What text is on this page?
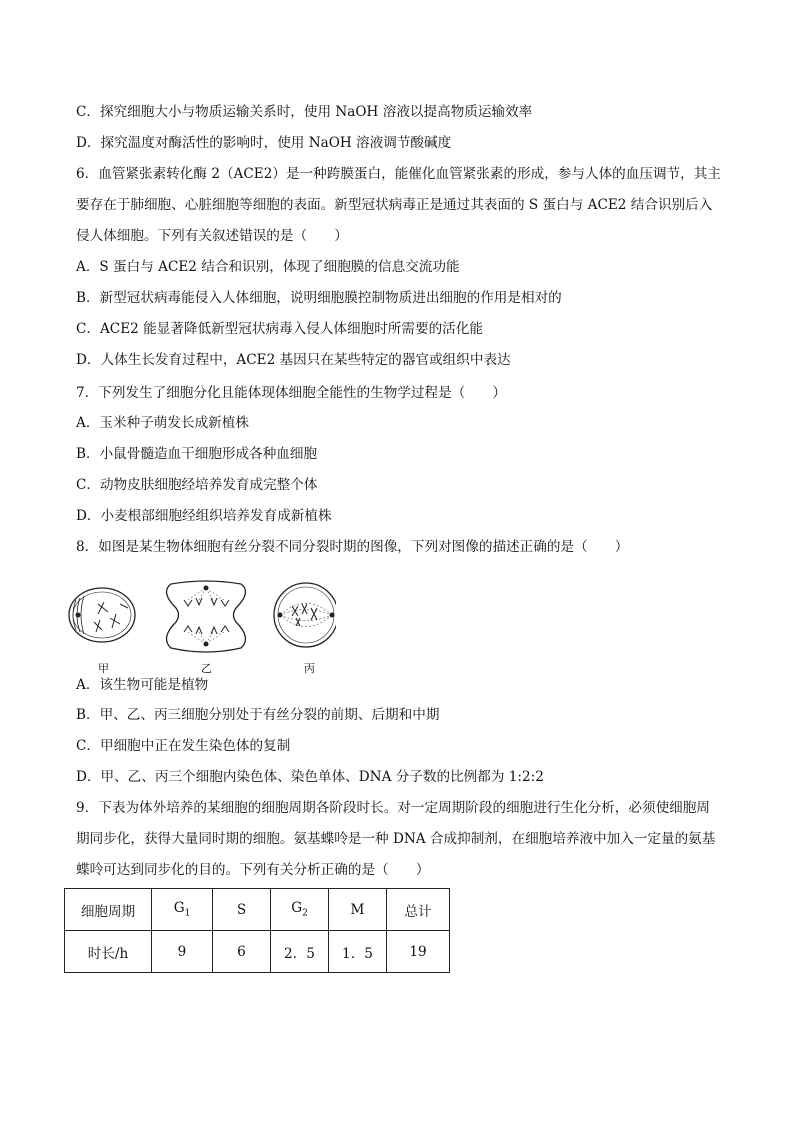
C．探究细胞大小与物质运输关系时，使用 NaOH 溶液以提高物质运输效率
D．探究温度对酶活性的影响时，使用 NaOH 溶液调节酸碱度
6．血管紧张素转化酶 2（ACE2）是一种跨膜蛋白，能催化血管紧张素的形成，参与人体的血压调节，其主
要存在于肺细胞、心脏细胞等细胞的表面。新型冠状病毒正是通过其表面的 S 蛋白与 ACE2 结合识别后入
侵人体细胞。下列有关叙述错误的是（　　）
A．S 蛋白与 ACE2 结合和识别，体现了细胞膜的信息交流功能
B．新型冠状病毒能侵入人体细胞，说明细胞膜控制物质进出细胞的作用是相对的
C．ACE2 能显著降低新型冠状病毒入侵人体细胞时所需要的活化能
D．人体生长发育过程中，ACE2 基因只在某些特定的器官或组织中表达
7．下列发生了细胞分化且能体现体细胞全能性的生物学过程是（　　）
A．玉米种子萌发长成新植株
B．小鼠骨髓造血干细胞形成各种血细胞
C．动物皮肤细胞经培养发育成完整个体
D．小麦根部细胞经组织培养发育成新植株
8．如图是某生物体细胞有丝分裂不同分裂时期的图像，下列对图像的描述正确的是（　　）
甲	乙	丙
A．该生物可能是植物
B．甲、乙、丙三细胞分别处于有丝分裂的前期、后期和中期
C．甲细胞中正在发生染色体的复制
D．甲、乙、丙三个细胞内染色体、染色单体、DNA 分子数的比例都为 1:2:2
9．下表为体外培养的某细胞的细胞周期各阶段时长。对一定周期阶段的细胞进行生化分析，必须使细胞周
期同步化，获得大量同时期的细胞。氨基蝶呤是一种 DNA 合成抑制剂，在细胞培养液中加入一定量的氨基
蝶呤可达到同步化的目的。下列有关分析正确的是（　　）
细胞周期	$G_1$	S	$G_2$	M	总计
时长/h	9	6	2．5	1．5	19
